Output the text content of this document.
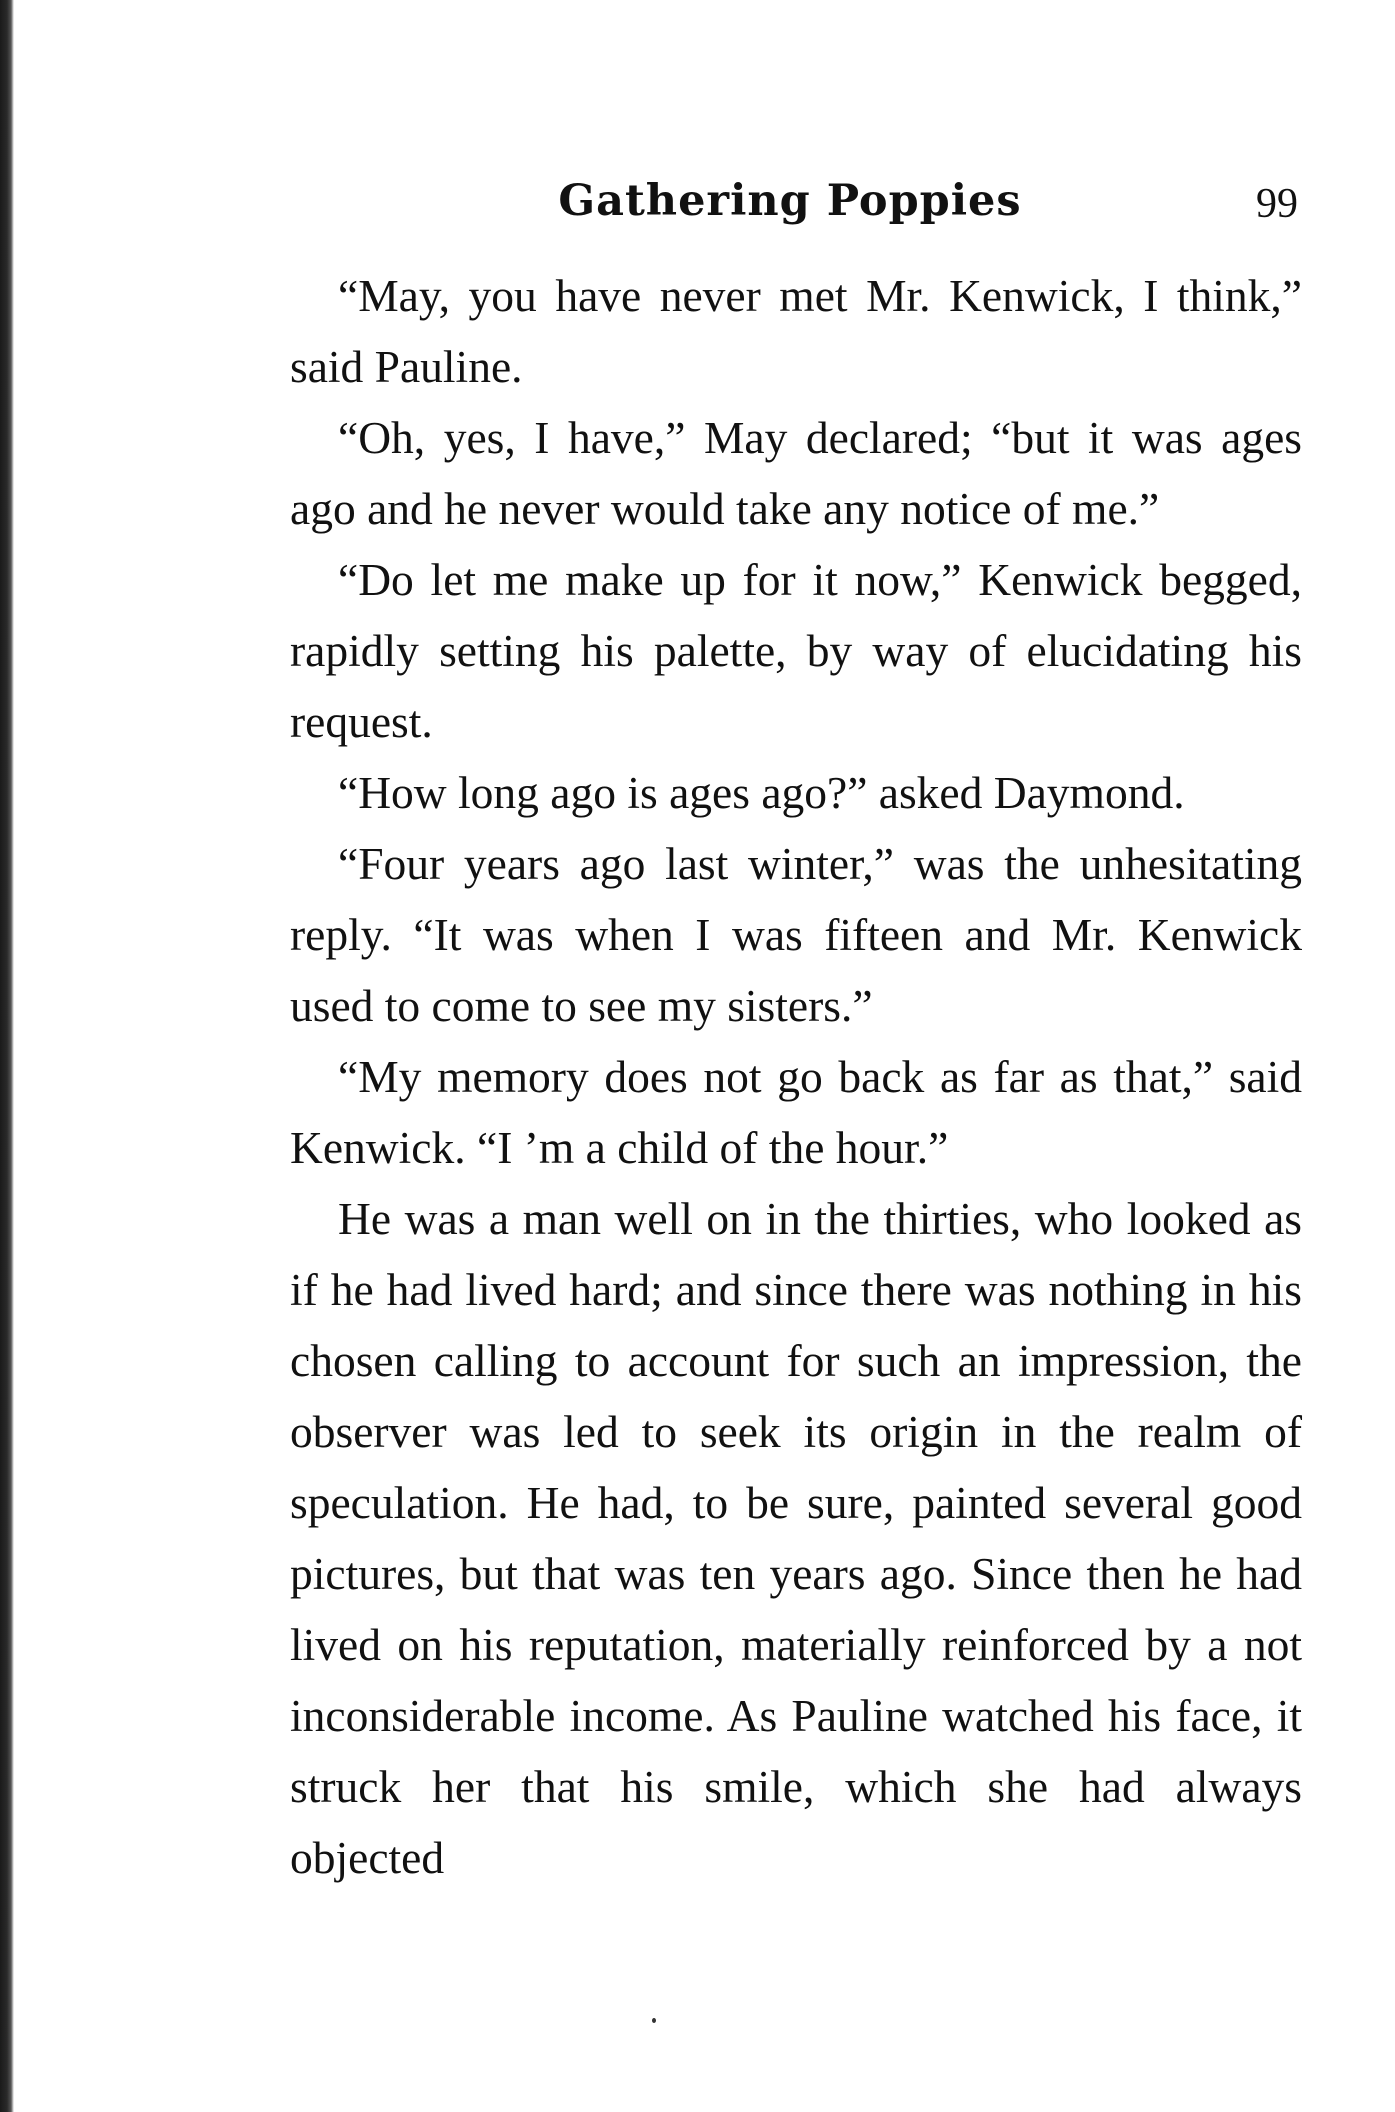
Gathering Poppies	99

“May, you have never met Mr. Kenwick, I think,” said Pauline.

“Oh, yes, I have,” May declared; “but it was ages ago and he never would take any notice of me.”

“Do let me make up for it now,” Kenwick begged, rapidly setting his palette, by way of elucidating his request.

“How long ago is ages ago?” asked Daymond.

“Four years ago last winter,” was the unhesitating reply. “It was when I was fifteen and Mr. Kenwick used to come to see my sisters.”

“My memory does not go back as far as that,” said Kenwick. “I ’m a child of the hour.”

He was a man well on in the thirties, who looked as if he had lived hard; and since there was nothing in his chosen calling to account for such an impression, the observer was led to seek its origin in the realm of speculation. He had, to be sure, painted several good pictures, but that was ten years ago. Since then he had lived on his reputation, materially reinforced by a not inconsiderable income. As Pauline watched his face, it struck her that his smile, which she had always objected
